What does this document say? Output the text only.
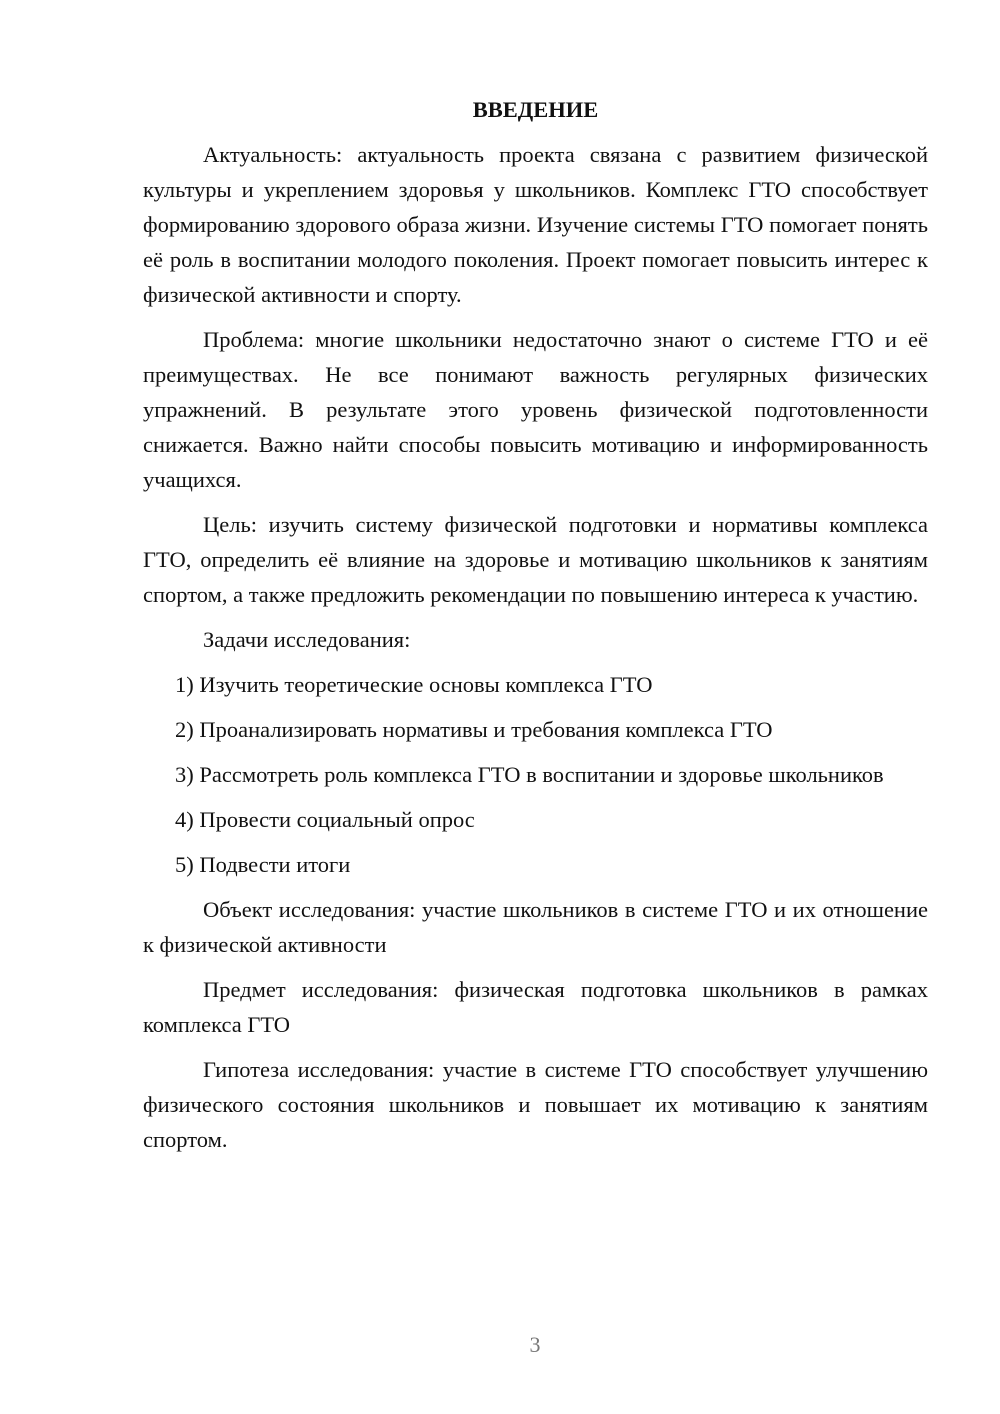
ВВЕДЕНИЕ

Актуальность: актуальность проекта связана с развитием физической культуры и укреплением здоровья у школьников. Комплекс ГТО способствует формированию здорового образа жизни. Изучение системы ГТО помогает понять её роль в воспитании молодого поколения. Проект помогает повысить интерес к физической активности и спорту.

Проблема: многие школьники недостаточно знают о системе ГТО и её преимуществах. Не все понимают важность регулярных физических упражнений. В результате этого уровень физической подготовленности снижается. Важно найти способы повысить мотивацию и информированность учащихся.

Цель: изучить систему физической подготовки и нормативы комплекса ГТО, определить её влияние на здоровье и мотивацию школьников к занятиям спортом, а также предложить рекомендации по повышению интереса к участию.

Задачи исследования:

1) Изучить теоретические основы комплекса ГТО

2) Проанализировать нормативы и требования комплекса ГТО

3) Рассмотреть роль комплекса ГТО в воспитании и здоровье школьников

4) Провести социальный опрос

5) Подвести итоги

Объект исследования: участие школьников в системе ГТО и их отношение к физической активности

Предмет исследования: физическая подготовка школьников в рамках комплекса ГТО

Гипотеза исследования: участие в системе ГТО способствует улучшению физического состояния школьников и повышает их мотивацию к занятиям спортом.

3
